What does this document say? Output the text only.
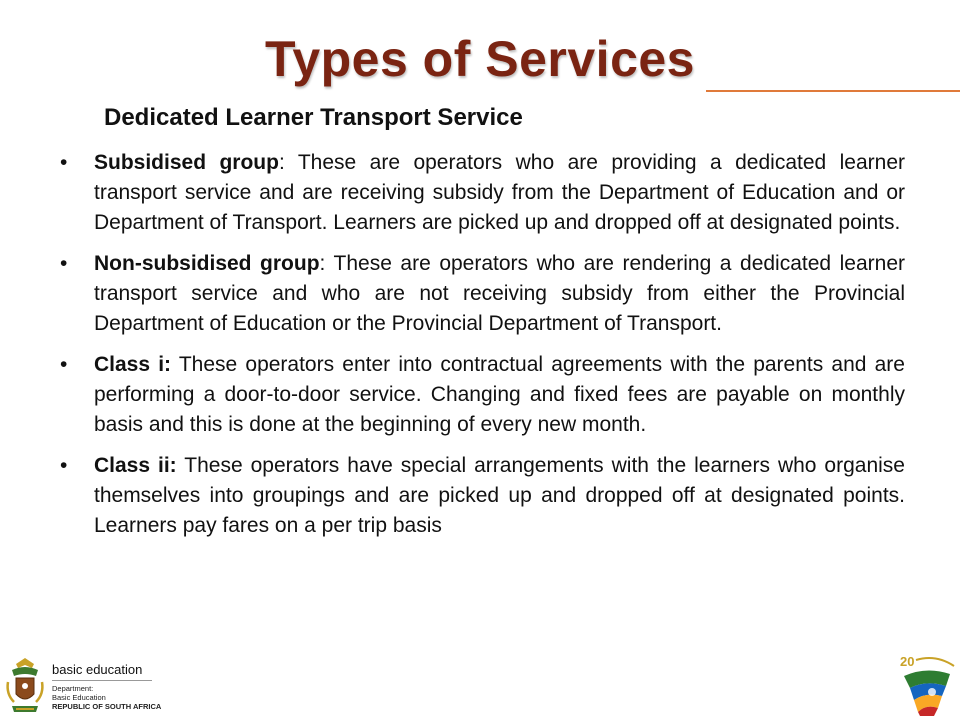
Types of Services
Dedicated Learner Transport Service
•	Subsidised group: These are operators who are providing a dedicated learner transport service and are receiving subsidy from the Department of Education and or Department of Transport. Learners are picked up and dropped off at designated points.
•	Non-subsidised group: These are operators who are rendering a dedicated learner transport service and who are not receiving subsidy from either the Provincial Department of Education or the Provincial Department of Transport.
•	Class i: These operators enter into contractual agreements with the parents and are performing a door-to-door service. Changing and fixed fees are payable on monthly basis and this is done at the beginning of every new month.
•	Class ii: These operators have special arrangements with the learners who organise themselves into groupings and are picked up and dropped off at designated points. Learners pay fares on a per trip basis
basic education
Department:
Basic Education
REPUBLIC OF SOUTH AFRICA
20
